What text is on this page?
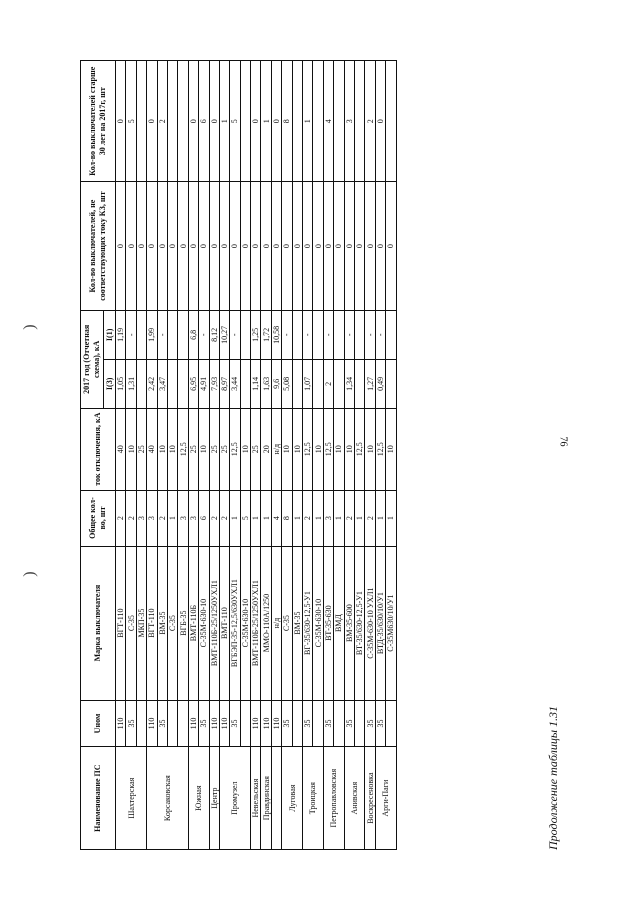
(
(
76
Продолжение таблицы 1.31
Наименование ПС	Uном	Марка выключателя	Общее кол-во, шт	ток отключения, кА	2017 год (Отчетная схема), кА		Кол-во выключателей, не соответствующих току КЗ, шт	Кол-во выключателей старше 30 лет на 2017г, шт
					I(3)	I(1)		
Шахтерская	110	ВГТ-110	2	40	1,05	1,19	0	0
	35	С-35	2	10	1,31	-	0	5
		МКП-35	3	25			0	
Корсаковская	110	ВГТ-110	3	40	2,42	1,99	0	0
	35	ВМ-35	2	10	3,47	-	0	2
		С-35	1	10			0	
		ВГБ-35	3	12,5			0	
Южная	110	ВМТ-110Б	3	25	6,95	6,8	0	0
	35	С-35М-630-10	6	10	4,91	-	0	6
Центр	110	ВМТ-110Б-25/1250УХЛ1	2	25	7,93	8,12	0	0
Промузел	110	ВМТ-110	2	25	8,97	10,27	0	1
	35	ВГБЭП-35-12,5/630УХЛ1	1	12,5	3,44	-	0	5
		С-35М-630-10	5	10			0	
Невельская	110	ВМТ-110Б-25/1250УХЛ1	1	25	1,14	1,25	0	0
Правдинская	110	ММО-110А/1250	1	20	1,63	1,72	0	1
	110	н/д	4	н/д	9,6	10,58	0	0
Луговая	35	С-35	8	10	5,08	-	0	8
		ВМ-35	1	10			0	
Троицкая	35	ВГ-35/630-12,5-У1	2	12,5	1,07	-	0	1
		С-35М-630-10	1	10			0	
Петропавловская	35	ВТ-35-630	3	12,5	2	-	0	4
		ВМД	1	10			0	
Анивская	35	ВМ-35-600	2	10	1,34	-	0	3
		ВТ-35/630-12,5-У1	1	12,5			0	
Воскресеновка	35	С-35М-630-10 УХЛ1	2	10	1,27	-	0	2
Арги-Паги	35	ВТД-35/630/10/У1	1	12,5	0,49	-	0	0
		С-35М630/10/У1	1	10			0	
